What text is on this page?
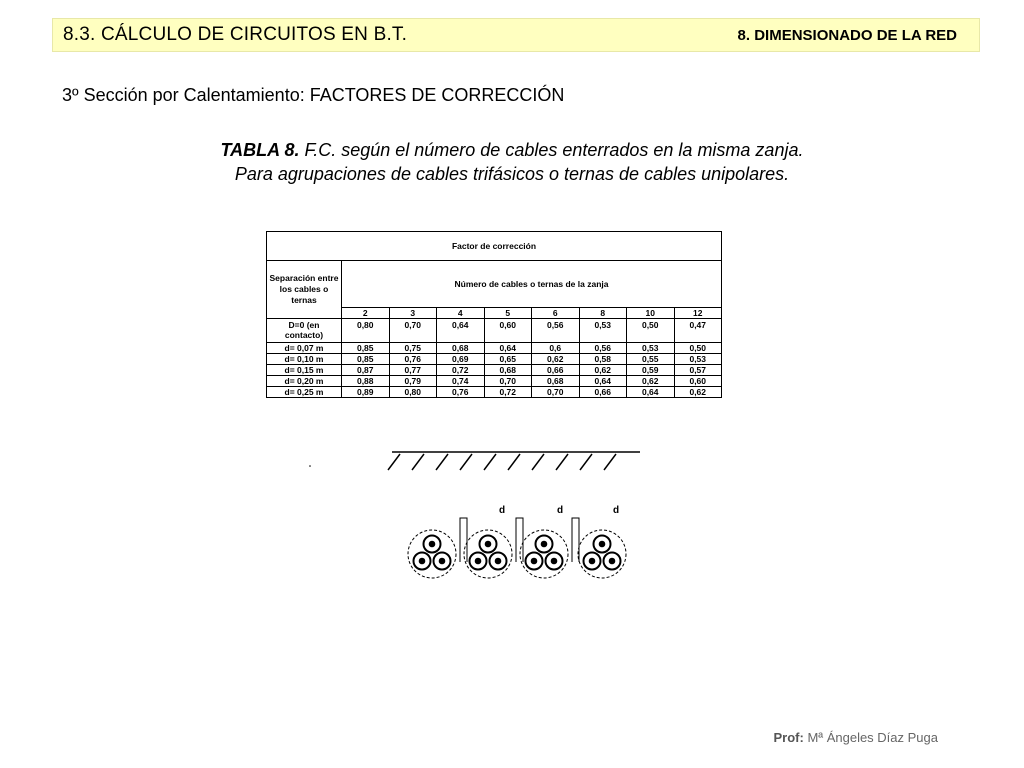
8.3. CÁLCULO DE CIRCUITOS EN B.T.	8. DIMENSIONADO DE LA RED
3º Sección por Calentamiento: FACTORES DE CORRECCIÓN
TABLA 8. F.C. según el número de cables enterrados en la misma zanja.
Para agrupaciones de cables trifásicos o ternas de cables unipolares.
Factor de corrección								
Separación entre los cables o ternas	Número de cables o ternas de la zanja							
	2	3	4	5	6	8	10	12
D=0 (en contacto)	0,80	0,70	0,64	0,60	0,56	0,53	0,50	0,47
d= 0,07 m	0,85	0,75	0,68	0,64	0,6	0,56	0,53	0,50
d= 0,10 m	0,85	0,76	0,69	0,65	0,62	0,58	0,55	0,53
d= 0,15 m	0,87	0,77	0,72	0,68	0,66	0,62	0,59	0,57
d= 0,20 m	0,88	0,79	0,74	0,70	0,68	0,64	0,62	0,60
d= 0,25 m	0,89	0,80	0,76	0,72	0,70	0,66	0,64	0,62
d	d	d
Prof: Mª Ángeles Díaz Puga
